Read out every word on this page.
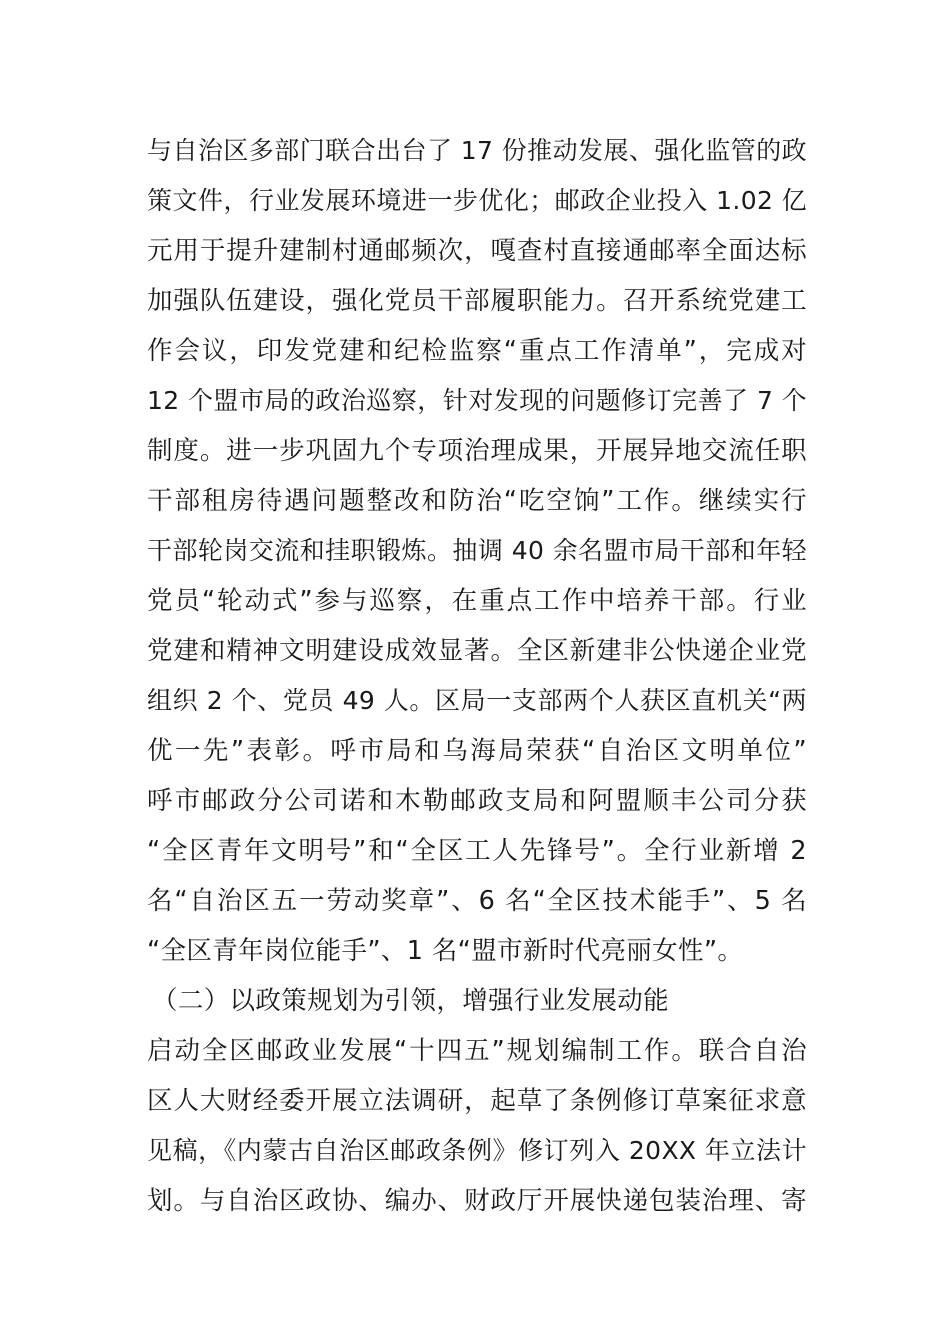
与自治区多部门联合出台了 17 份推动发展、强化监管的政
策文件，行业发展环境进一步优化；邮政企业投入 1.02 亿
元用于提升建制村通邮频次，嘎查村直接通邮率全面达标
加强队伍建设，强化党员干部履职能力。召开系统党建工
作会议，印发党建和纪检监察“重点工作清单”，完成对
12 个盟市局的政治巡察，针对发现的问题修订完善了 7 个
制度。进一步巩固九个专项治理成果，开展异地交流任职
干部租房待遇问题整改和防治“吃空饷”工作。继续实行
干部轮岗交流和挂职锻炼。抽调 40 余名盟市局干部和年轻
党员“轮动式”参与巡察，在重点工作中培养干部。行业
党建和精神文明建设成效显著。全区新建非公快递企业党
组织 2 个、党员 49 人。区局一支部两个人获区直机关“两
优一先”表彰。呼市局和乌海局荣获“自治区文明单位”
呼市邮政分公司诺和木勒邮政支局和阿盟顺丰公司分获
“全区青年文明号”和“全区工人先锋号”。全行业新增 2
名“自治区五一劳动奖章”、6 名“全区技术能手”、5 名
“全区青年岗位能手”、1 名“盟市新时代亮丽女性”。
（二）以政策规划为引领，增强行业发展动能
启动全区邮政业发展“十四五”规划编制工作。联合自治
区人大财经委开展立法调研，起草了条例修订草案征求意
见稿，《内蒙古自治区邮政条例》修订列入 20XX 年立法计
划。与自治区政协、编办、财政厅开展快递包装治理、寄
